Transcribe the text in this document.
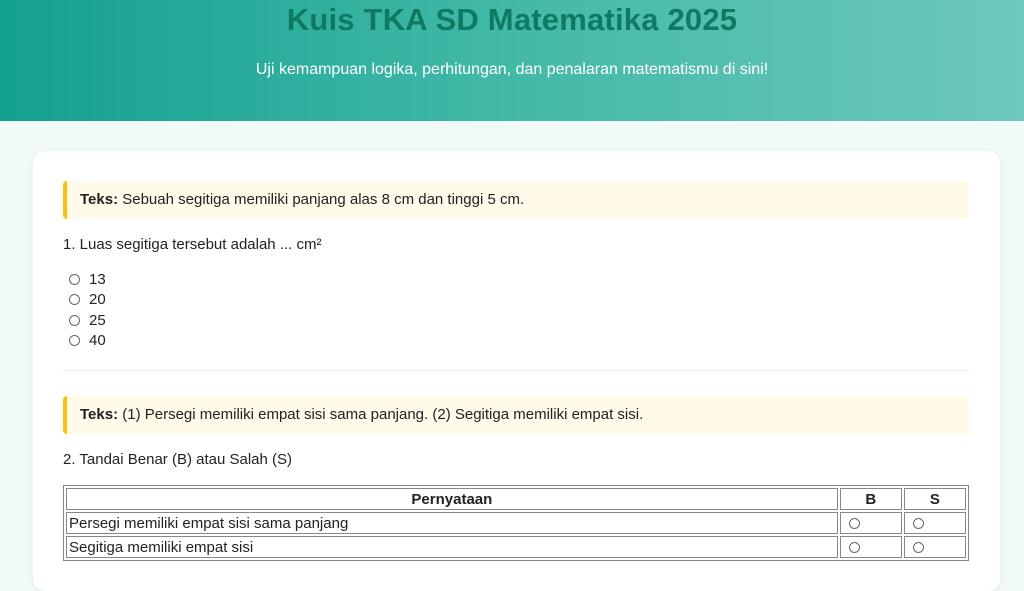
Kuis TKA SD Matematika 2025
Uji kemampuan logika, perhitungan, dan penalaran matematismu di sini!
Teks: Sebuah segitiga memiliki panjang alas 8 cm dan tinggi 5 cm.
1. Luas segitiga tersebut adalah ... cm²
13
20
25
40
Teks: (1) Persegi memiliki empat sisi sama panjang. (2) Segitiga memiliki empat sisi.
2. Tandai Benar (B) atau Salah (S)
Pernyataan	B	S
Persegi memiliki empat sisi sama panjang		
Segitiga memiliki empat sisi		
